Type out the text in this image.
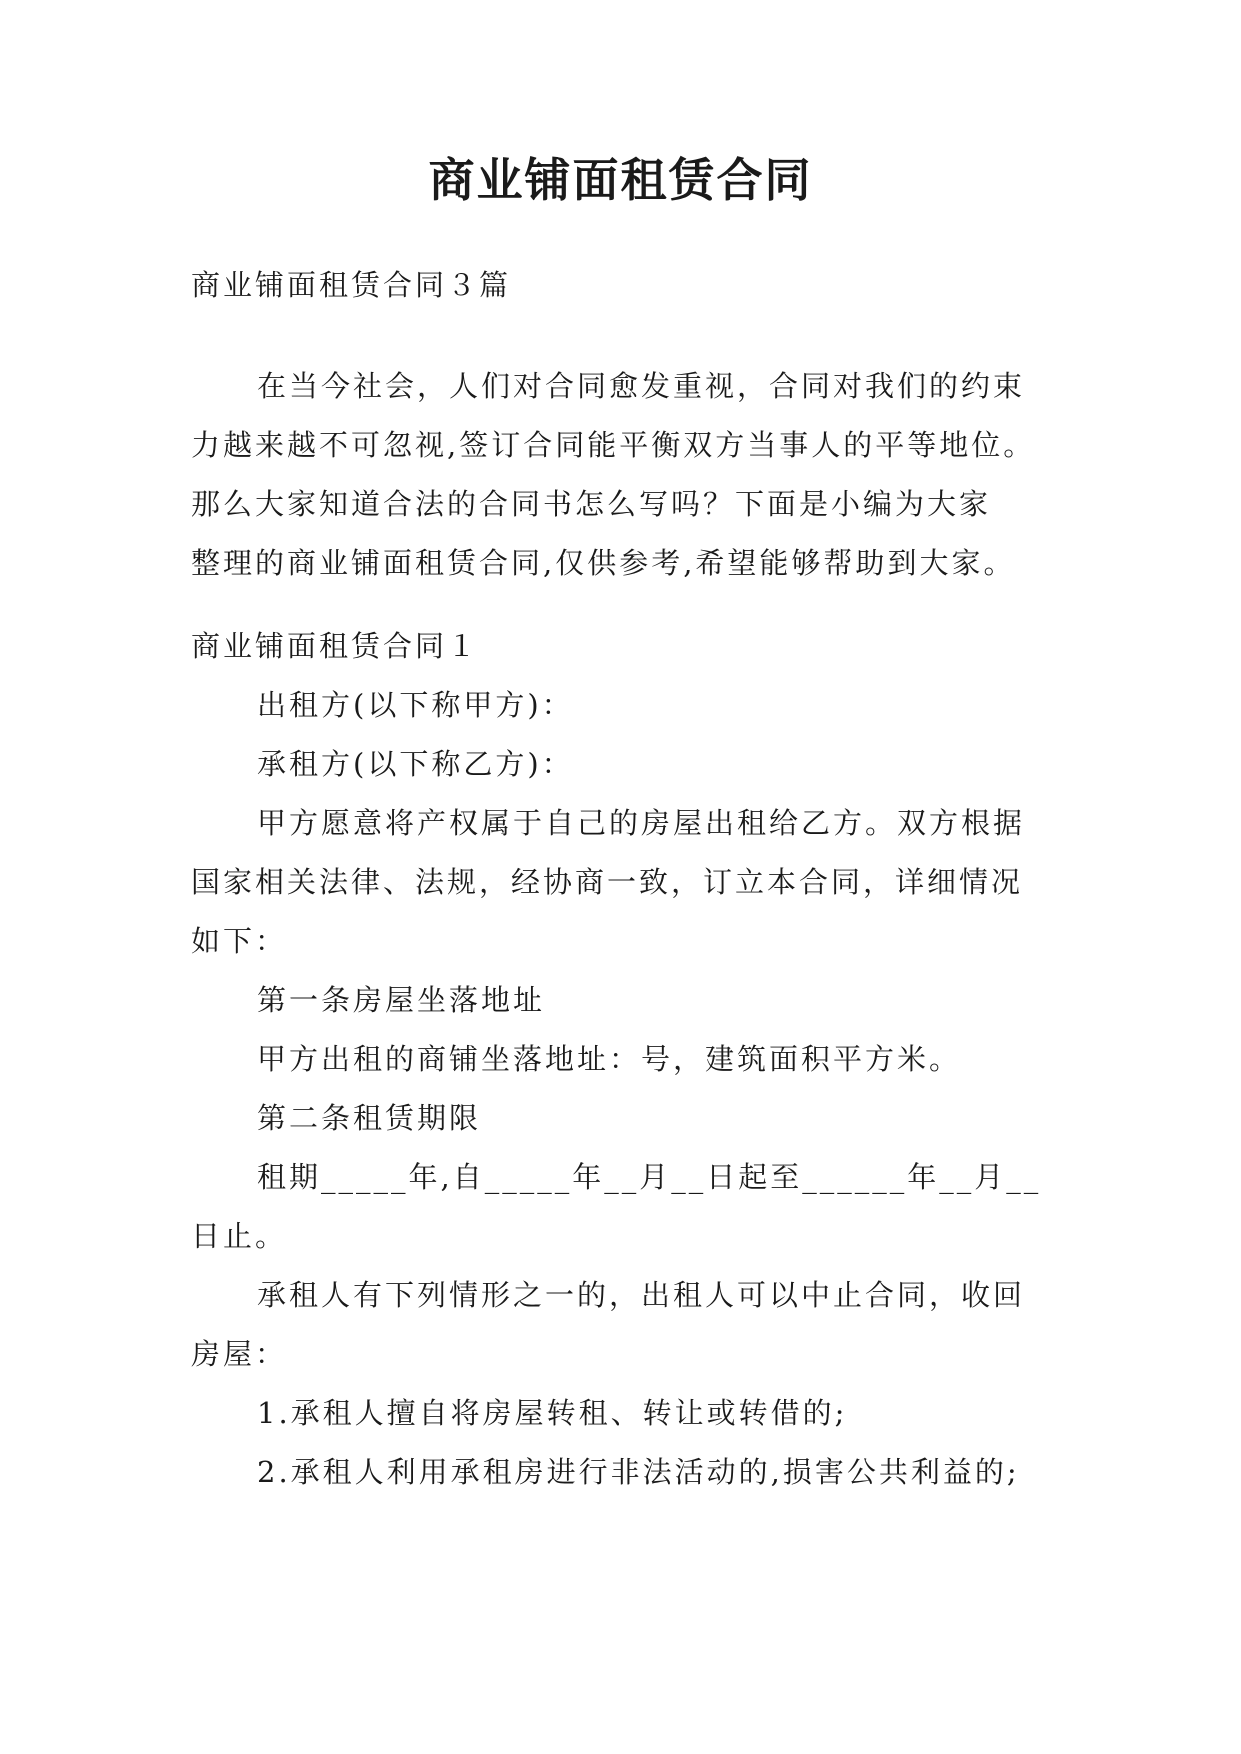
商业铺面租赁合同
商业铺面租赁合同３篇
在当今社会，人们对合同愈发重视，合同对我们的约束
力越来越不可忽视,签订合同能平衡双方当事人的平等地位。
那么大家知道合法的合同书怎么写吗？下面是小编为大家
整理的商业铺面租赁合同,仅供参考,希望能够帮助到大家。
商业铺面租赁合同１
出租方(以下称甲方)：
承租方(以下称乙方)：
甲方愿意将产权属于自己的房屋出租给乙方。双方根据
国家相关法律、法规，经协商一致，订立本合同，详细情况
如下：
第一条房屋坐落地址
甲方出租的商铺坐落地址：号，建筑面积平方米。
第二条租赁期限
租期_____年,自_____年__月__日起至______年__月__
日止。
承租人有下列情形之一的，出租人可以中止合同，收回
房屋：
1.承租人擅自将房屋转租、转让或转借的;
2.承租人利用承租房进行非法活动的,损害公共利益的;
